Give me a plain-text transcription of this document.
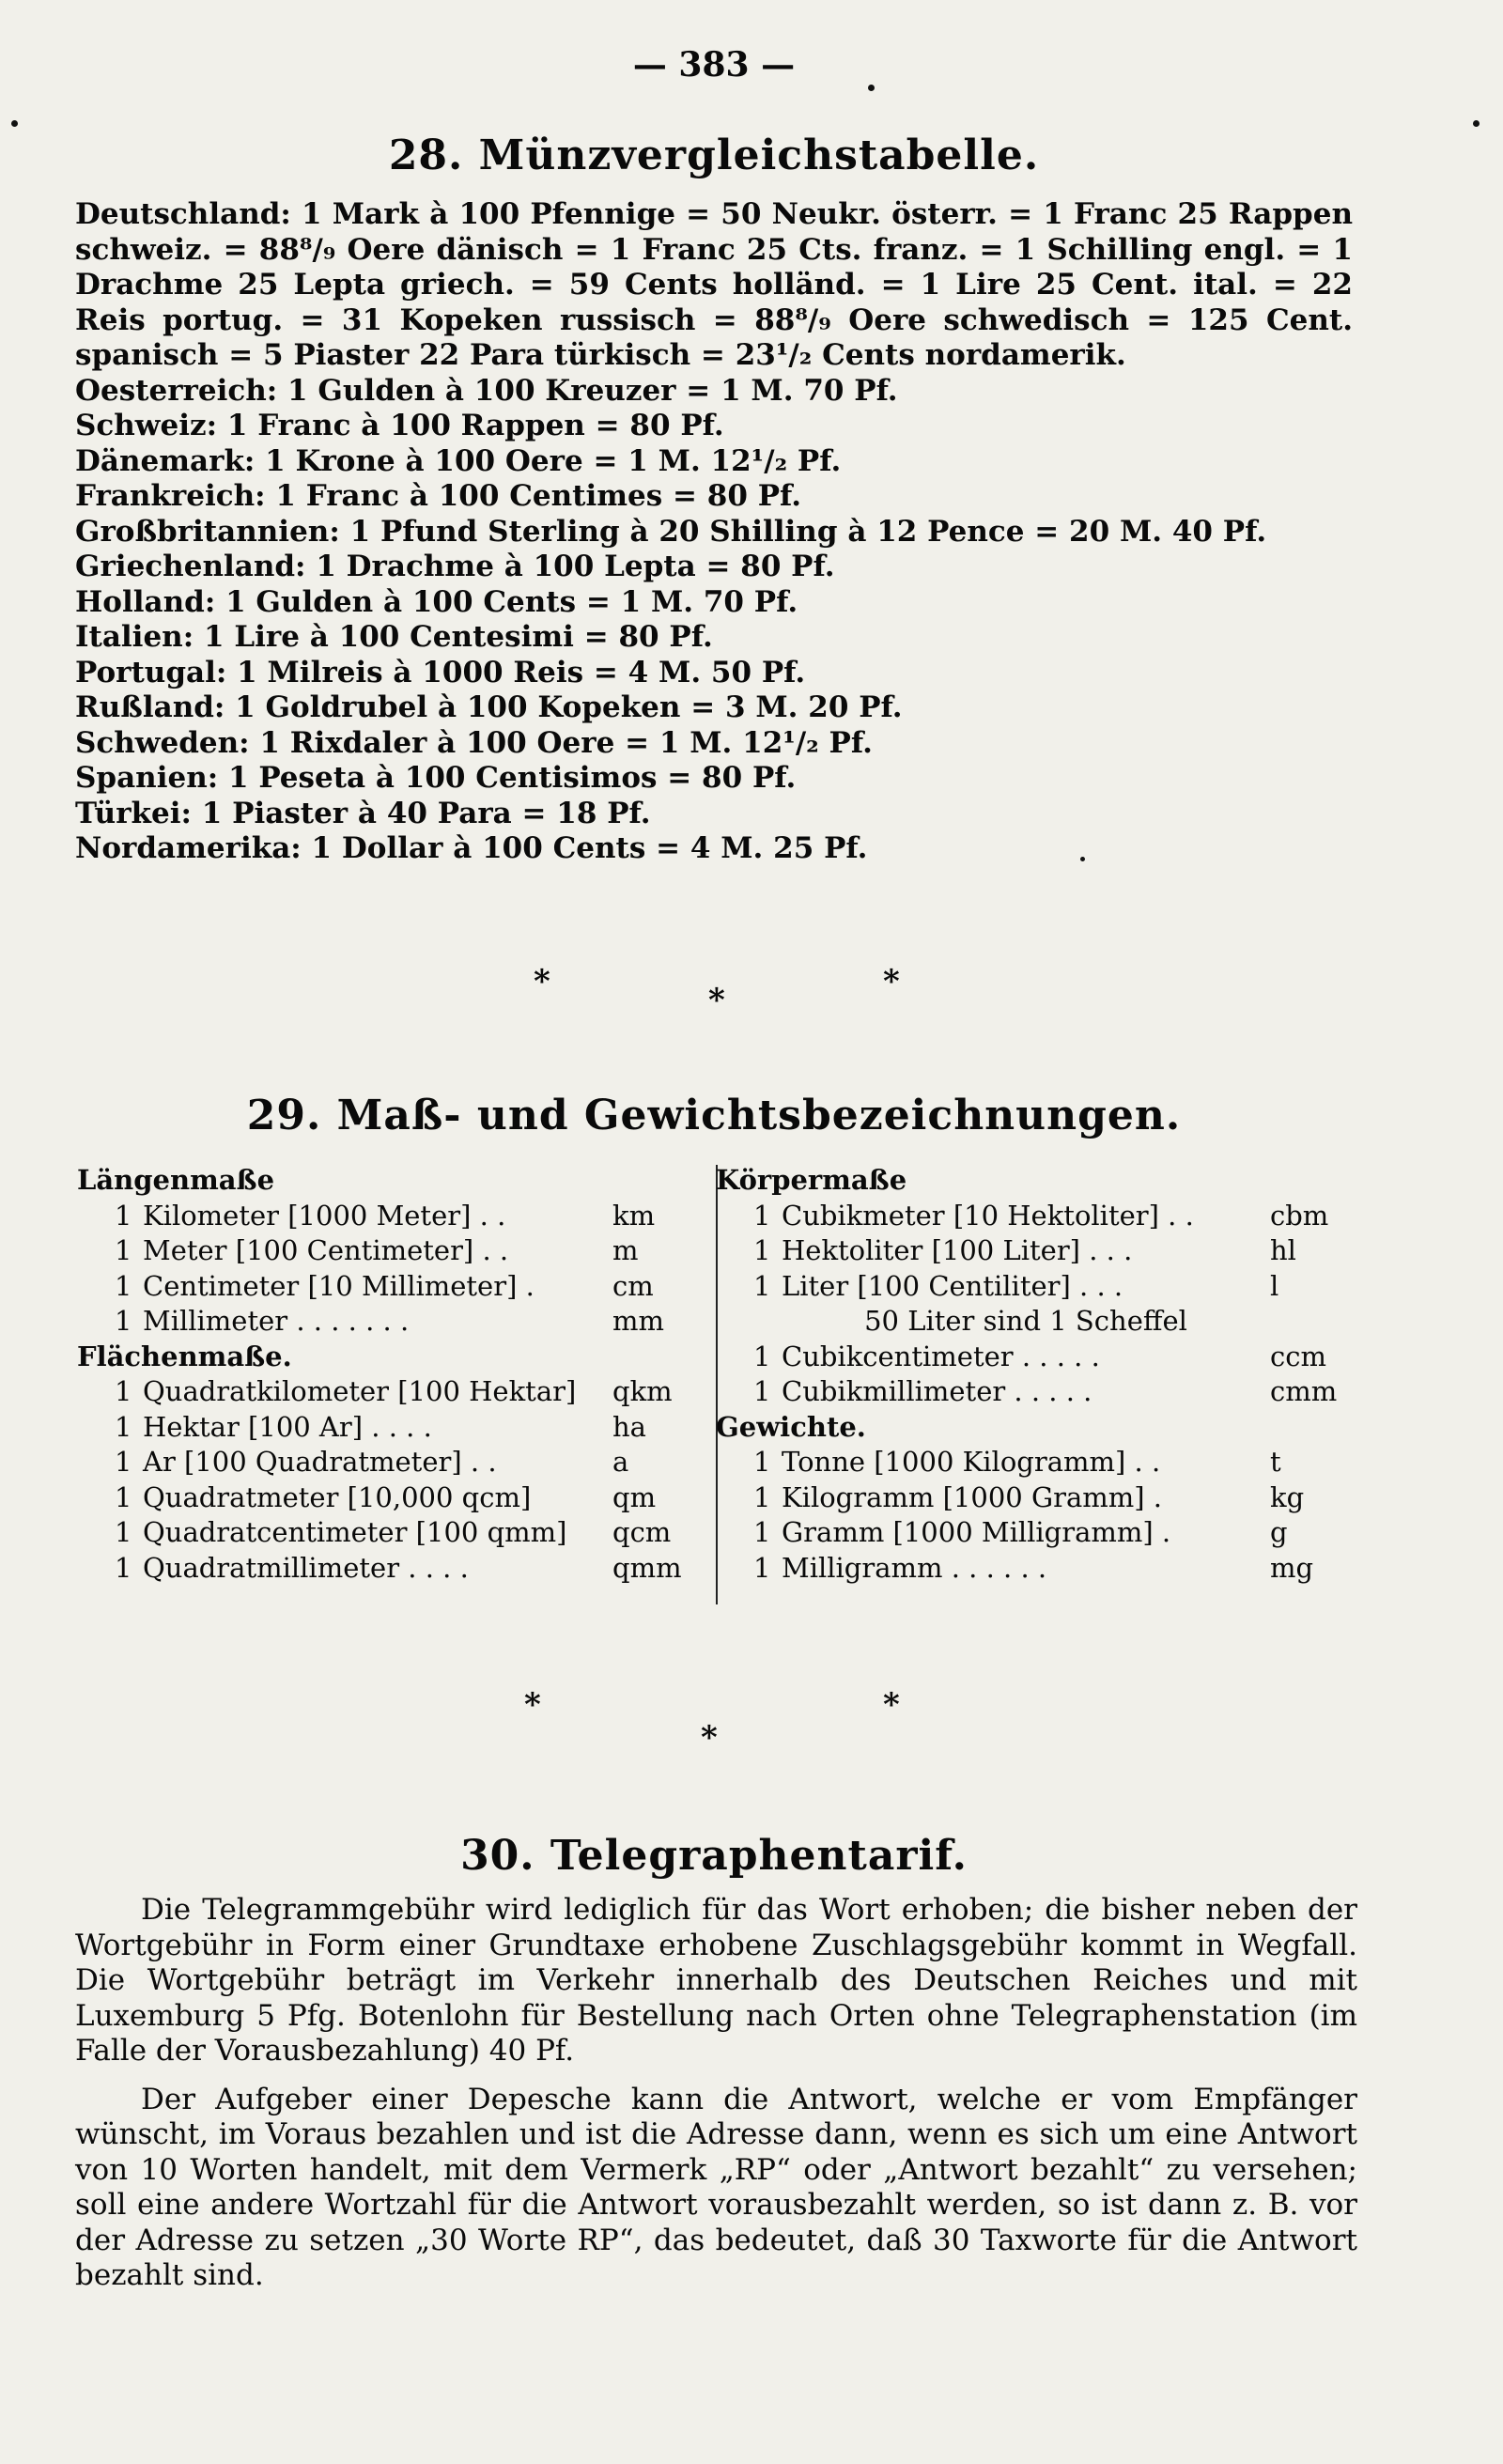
— 383 —
28. Münzvergleichstabelle.

Deutschland: 1 Mark à 100 Pfennige = 50 Neukr. österr. = 1 Franc 25 Rappen schweiz. = 88⁸/₉ Oere dänisch = 1 Franc 25 Cts. franz. = 1 Schilling engl. = 1 Drachme 25 Lepta griech. = 59 Cents holländ. = 1 Lire 25 Cent. ital. = 22 Reis portug. = 31 Kopeken russisch = 88⁸/₉ Oere schwedisch = 125 Cent. spanisch = 5 Piaster 22 Para türkisch = 23¹/₂ Cents nordamerik.

Oesterreich: 1 Gulden à 100 Kreuzer = 1 M. 70 Pf.

Schweiz: 1 Franc à 100 Rappen = 80 Pf.

Dänemark: 1 Krone à 100 Oere = 1 M. 12¹/₂ Pf.

Frankreich: 1 Franc à 100 Centimes = 80 Pf.

Großbritannien: 1 Pfund Sterling à 20 Shilling à 12 Pence = 20 M. 40 Pf.

Griechenland: 1 Drachme à 100 Lepta = 80 Pf.

Holland: 1 Gulden à 100 Cents = 1 M. 70 Pf.

Italien: 1 Lire à 100 Centesimi = 80 Pf.

Portugal: 1 Milreis à 1000 Reis = 4 M. 50 Pf.

Rußland: 1 Goldrubel à 100 Kopeken = 3 M. 20 Pf.

Schweden: 1 Rixdaler à 100 Oere = 1 M. 12¹/₂ Pf.

Spanien: 1 Peseta à 100 Centisimos = 80 Pf.

Türkei: 1 Piaster à 40 Para = 18 Pf.

Nordamerika: 1 Dollar à 100 Cents = 4 M. 25 Pf.

*	*	*
29. Maß- und Gewichtsbezeichnungen.
Längenmaße
1 Kilometer [1000 Meter] . .	km
1 Meter [100 Centimeter] . .	m
1 Centimeter [10 Millimeter] .	cm
1 Millimeter . . . . . . .	mm
Flächenmaße.
1 Quadratkilometer [100 Hektar] qkm
1 Hektar [100 Ar] . . . .	ha
1 Ar [100 Quadratmeter] . .	a
1 Quadratmeter [10,000 qcm]	qm
1 Quadratcentimeter [100 qmm] qcm
1 Quadratmillimeter . . . .	qmm
Körpermaße
1 Cubikmeter [10 Hektoliter] . .	cbm
1 Hektoliter [100 Liter] . . .	hl
1 Liter [100 Centiliter] . . .	l
50 Liter sind 1 Scheffel
1 Cubikcentimeter . . . . .	ccm
1 Cubikmillimeter . . . . .	cmm
Gewichte.
1 Tonne [1000 Kilogramm] . .	t
1 Kilogramm [1000 Gramm] .	kg
1 Gramm [1000 Milligramm] .	g
1 Milligramm . . . . . .	mg
*
*
*
30. Telegraphentarif.

Die Telegrammgebühr wird lediglich für das Wort erhoben; die bisher neben der Wortgebühr in Form einer Grundtaxe erhobene Zuschlagsgebühr kommt in Wegfall. Die Wortgebühr beträgt im Verkehr innerhalb des Deutschen Reiches und mit Luxemburg 5 Pfg. Botenlohn für Bestellung nach Orten ohne Telegraphenstation (im Falle der Vorausbezahlung) 40 Pf.

Der Aufgeber einer Depesche kann die Antwort, welche er vom Empfänger wünscht, im Voraus bezahlen und ist die Adresse dann, wenn es sich um eine Antwort von 10 Worten handelt, mit dem Vermerk „RP“ oder „Antwort bezahlt“ zu versehen; soll eine andere Wortzahl für die Antwort vorausbezahlt werden, so ist dann z. B. vor der Adresse zu setzen „30 Worte RP“, das bedeutet, daß 30 Taxworte für die Antwort bezahlt sind.
